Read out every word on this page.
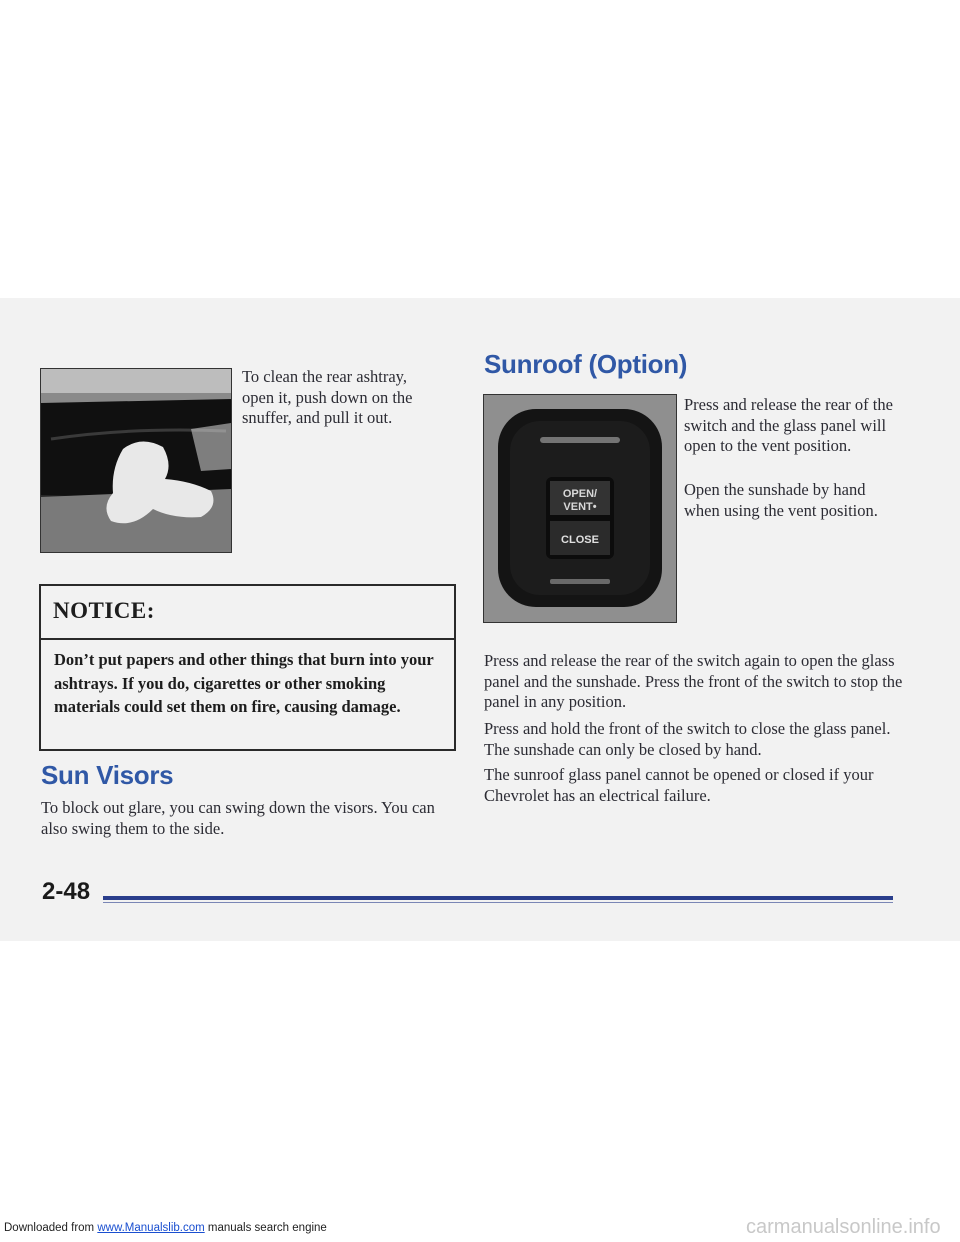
To clean the rear ashtray, open it, push down on the snuffer, and pull it out.
NOTICE:
Don’t put papers and other things that burn into your ashtrays. If you do, cigarettes or other smoking materials could set them on fire, causing damage.
Sun Visors
To block out glare, you can swing down the visors. You can also swing them to the side.
Sunroof (Option)
OPEN/
VENT•
CLOSE
Press and release the rear of the switch and the glass panel will open to the vent position.
Open the sunshade by hand when using the vent position.
Press and release the rear of the switch again to open the glass panel and the sunshade. Press the front of the switch to stop the panel in any position.
Press and hold the front of the switch to close the glass panel. The sunshade can only be closed by hand.
The sunroof glass panel cannot be opened or closed if your Chevrolet has an electrical failure.
2-48
Downloaded from www.Manualslib.com manuals search engine	carmanualsonline.info
